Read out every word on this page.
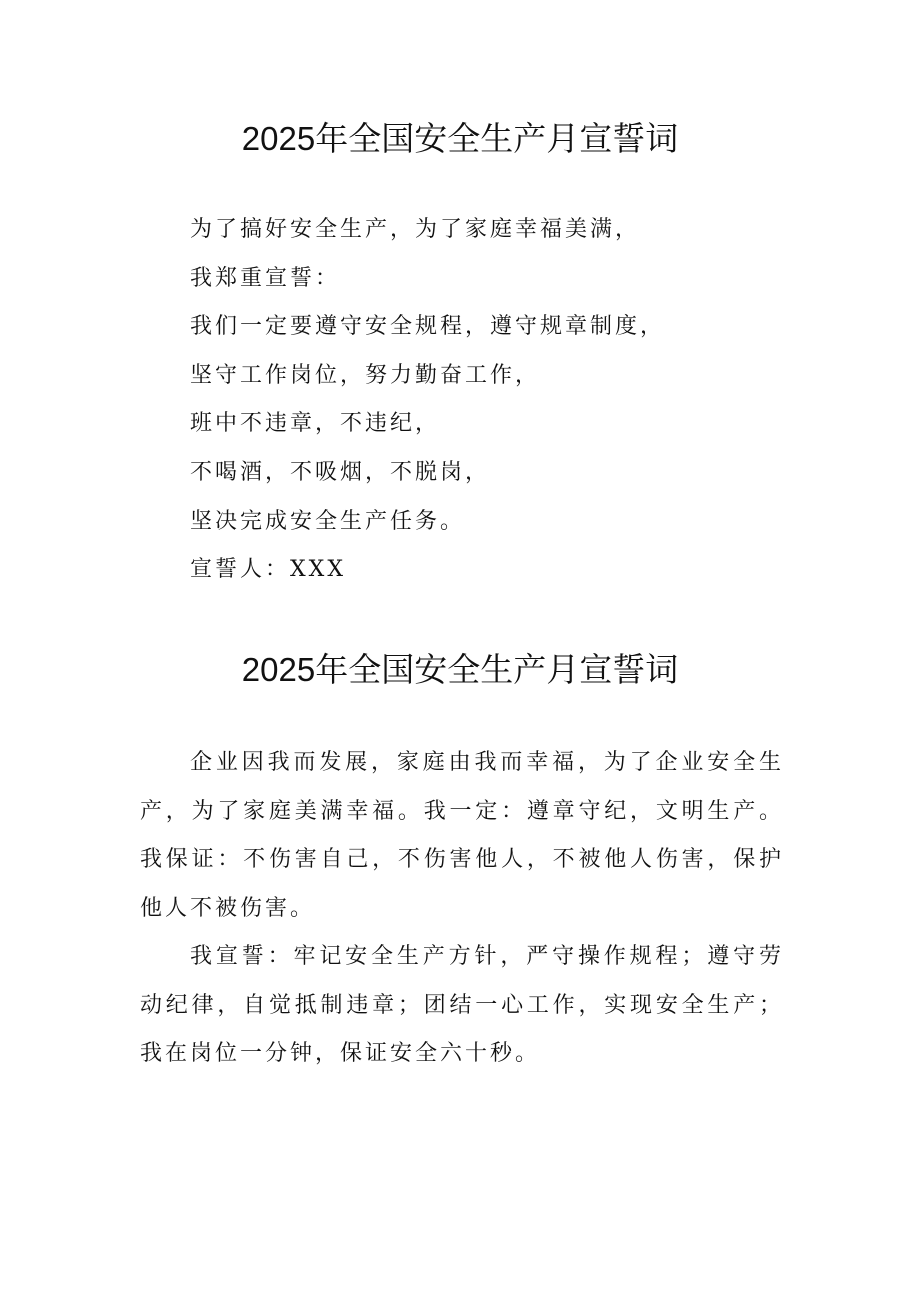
2025年全国安全生产月宣誓词
为了搞好安全生产，为了家庭幸福美满，
我郑重宣誓：
我们一定要遵守安全规程，遵守规章制度，
坚守工作岗位，努力勤奋工作，
班中不违章，不违纪，
不喝酒，不吸烟，不脱岗，
坚决完成安全生产任务。
宣誓人：XXX
2025年全国安全生产月宣誓词

企业因我而发展，家庭由我而幸福，为了企业安全生产，为了家庭美满幸福。我一定：遵章守纪，文明生产。我保证：不伤害自己，不伤害他人，不被他人伤害，保护他人不被伤害。

我宣誓：牢记安全生产方针，严守操作规程；遵守劳动纪律，自觉抵制违章；团结一心工作，实现安全生产；我在岗位一分钟，保证安全六十秒。
